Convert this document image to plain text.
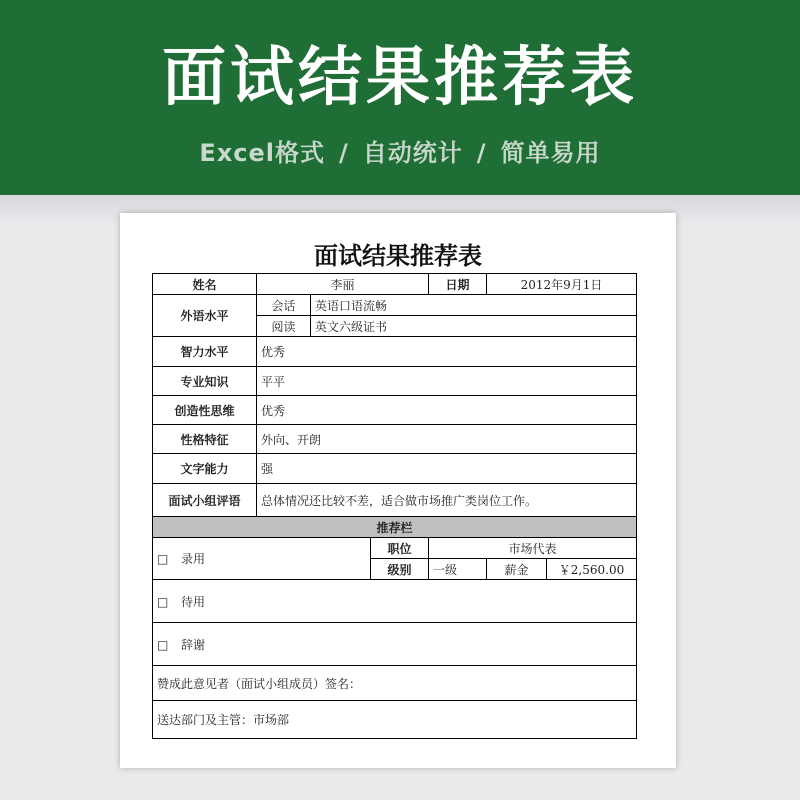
面试结果推荐表
Excel格式 / 自动统计 / 简单易用
面试结果推荐表
姓名	李丽			日期	2012年9月1日	
外语水平	会话	英语口语流畅				
	阅读	英文六级证书				
智力水平	优秀					
专业知识	平平					
创造性思维	优秀					
性格特征	外向、开朗					
文字能力	强					
面试小组评语	总体情况还比较不差，适合做市场推广类岗位工作。					
推荐栏						
□ 录用			职位	市场代表		
			级别	一级	薪金	￥2,560.00
□ 待用						
□ 辞谢						
赞成此意见者（面试小组成员）签名：						
送达部门及主管：市场部						
